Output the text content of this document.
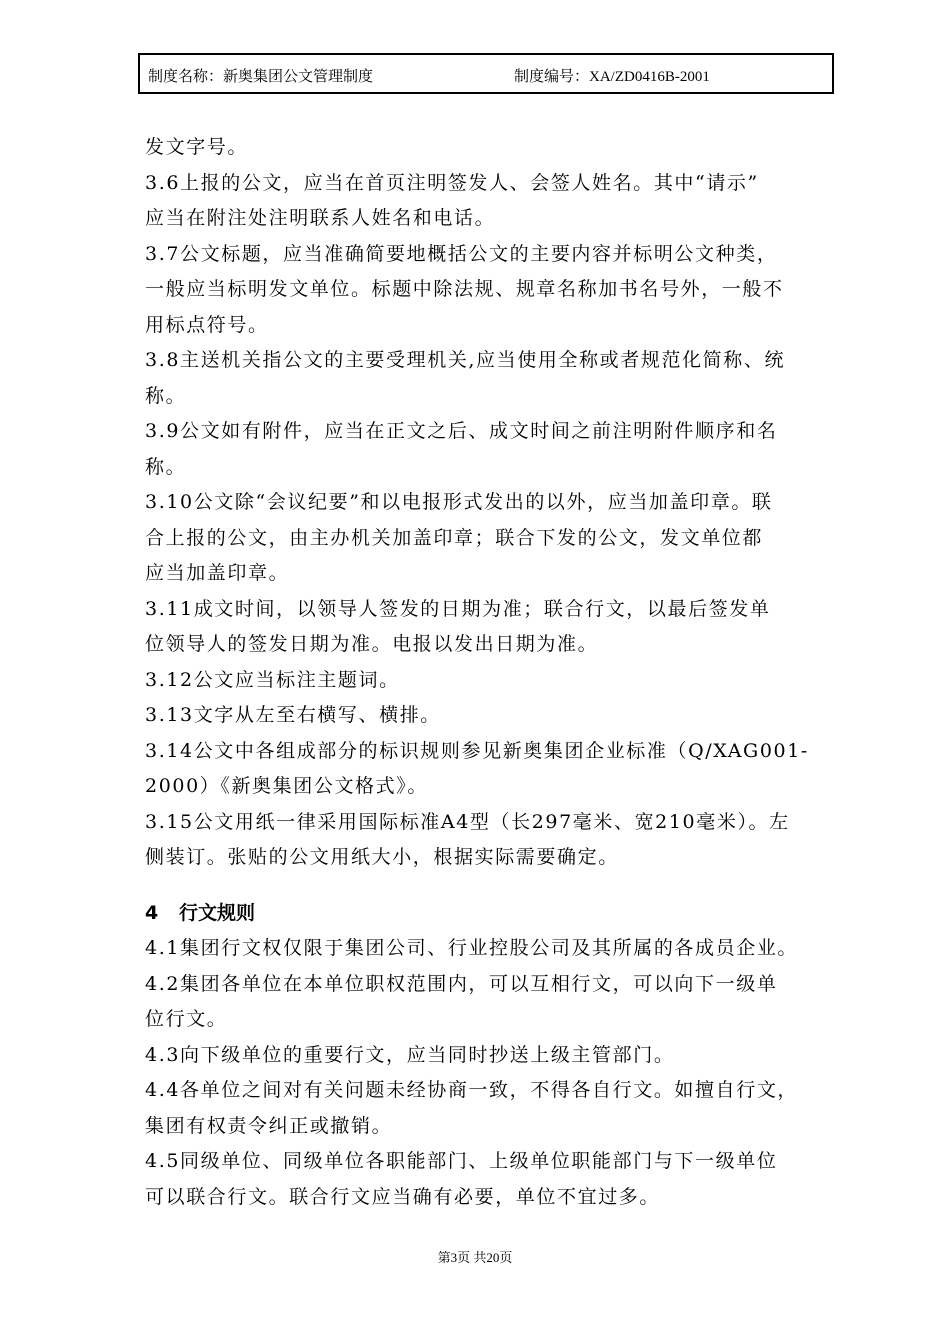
制度名称：新奥集团公文管理制度	制度编号：XA/ZD0416B-2001
发文字号。
3.6上报的公文，应当在首页注明签发人、会签人姓名。其中“请示”
应当在附注处注明联系人姓名和电话。
3.7公文标题，应当准确简要地概括公文的主要内容并标明公文种类，
一般应当标明发文单位。标题中除法规、规章名称加书名号外，一般不
用标点符号。
3.8主送机关指公文的主要受理机关,应当使用全称或者规范化简称、统
称。
3.9公文如有附件，应当在正文之后、成文时间之前注明附件顺序和名
称。
3.10公文除“会议纪要”和以电报形式发出的以外，应当加盖印章。联
合上报的公文，由主办机关加盖印章；联合下发的公文，发文单位都
应当加盖印章。
3.11成文时间，以领导人签发的日期为准；联合行文，以最后签发单
位领导人的签发日期为准。电报以发出日期为准。
3.12公文应当标注主题词。
3.13文字从左至右横写、横排。
3.14公文中各组成部分的标识规则参见新奥集团企业标准（Q/XAG001-
2000）《新奥集团公文格式》。
3.15公文用纸一律采用国际标准A4型（长297毫米、宽210毫米）。左
侧装订。张贴的公文用纸大小，根据实际需要确定。
4 行文规则
4.1集团行文权仅限于集团公司、行业控股公司及其所属的各成员企业。
4.2集团各单位在本单位职权范围内，可以互相行文，可以向下一级单
位行文。
4.3向下级单位的重要行文，应当同时抄送上级主管部门。
4.4各单位之间对有关问题未经协商一致，不得各自行文。如擅自行文，
集团有权责令纠正或撤销。
4.5同级单位、同级单位各职能部门、上级单位职能部门与下一级单位
可以联合行文。联合行文应当确有必要，单位不宜过多。
第3页 共20页
